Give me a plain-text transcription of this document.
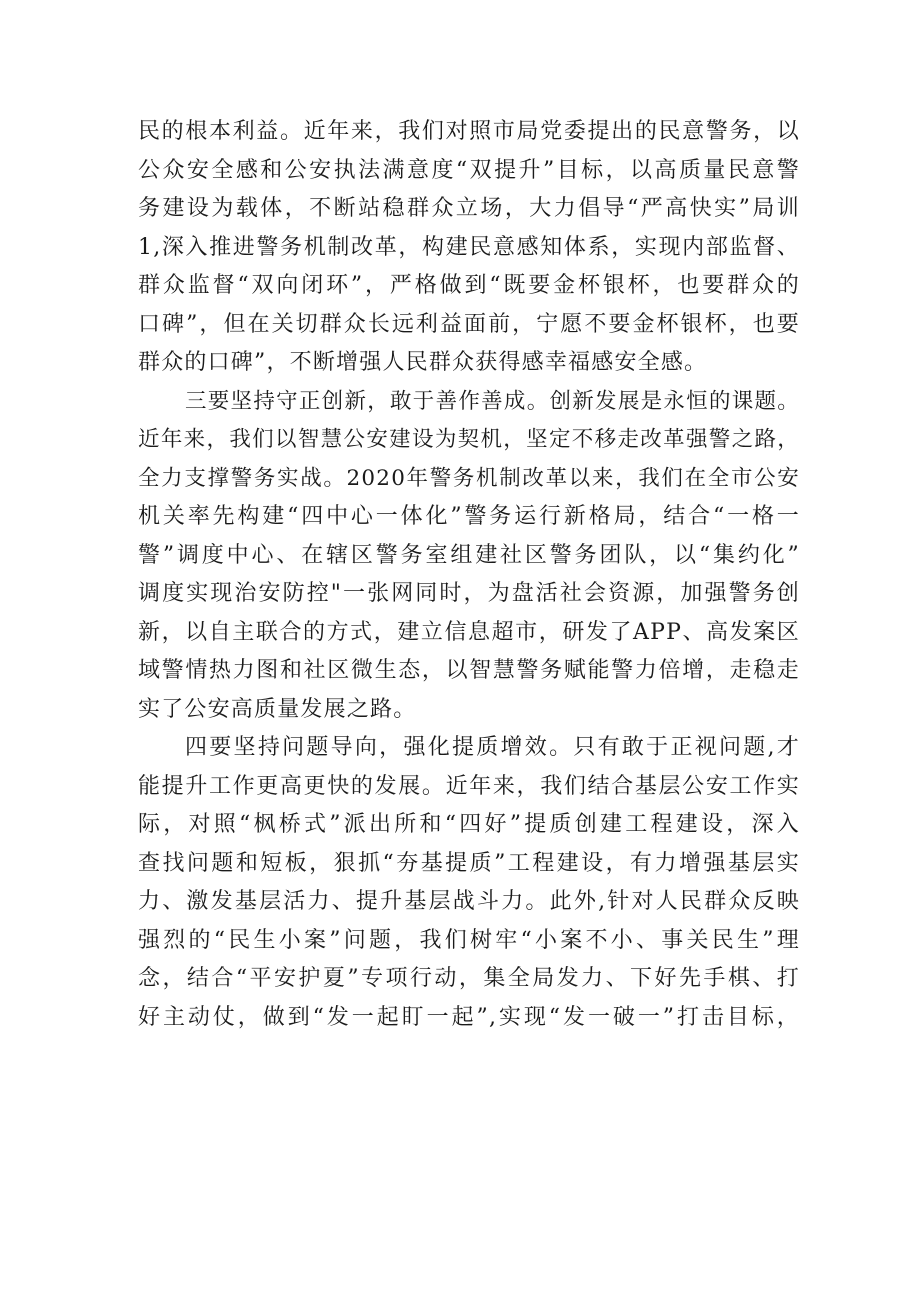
民的根本利益。近年来，我们对照市局党委提出的民意警务，以
公众安全感和公安执法满意度“双提升”目标，以高质量民意警
务建设为载体，不断站稳群众立场，大力倡导“严高快实”局训
1,深入推进警务机制改革，构建民意感知体系，实现内部监督、
群众监督“双向闭环”，严格做到“既要金杯银杯，也要群众的
口碑”，但在关切群众长远利益面前，宁愿不要金杯银杯，也要
群众的口碑”，不断增强人民群众获得感幸福感安全感。
三要坚持守正创新，敢于善作善成。创新发展是永恒的课题。
近年来，我们以智慧公安建设为契机，坚定不移走改革强警之路，
全力支撑警务实战。2020年警务机制改革以来，我们在全市公安
机关率先构建“四中心一体化”警务运行新格局，结合“一格一
警”调度中心、在辖区警务室组建社区警务团队，以“集约化”
调度实现治安防控"一张网同时，为盘活社会资源，加强警务创
新，以自主联合的方式，建立信息超市，研发了APP、高发案区
域警情热力图和社区微生态，以智慧警务赋能警力倍增，走稳走
实了公安高质量发展之路。
四要坚持问题导向，强化提质增效。只有敢于正视问题,才
能提升工作更高更快的发展。近年来，我们结合基层公安工作实
际，对照“枫桥式”派出所和“四好”提质创建工程建设，深入
查找问题和短板，狠抓“夯基提质”工程建设，有力增强基层实
力、激发基层活力、提升基层战斗力。此外,针对人民群众反映
强烈的“民生小案”问题，我们树牢“小案不小、事关民生”理
念，结合“平安护夏”专项行动，集全局发力、下好先手棋、打
好主动仗，做到“发一起盯一起”,实现“发一破一”打击目标，
